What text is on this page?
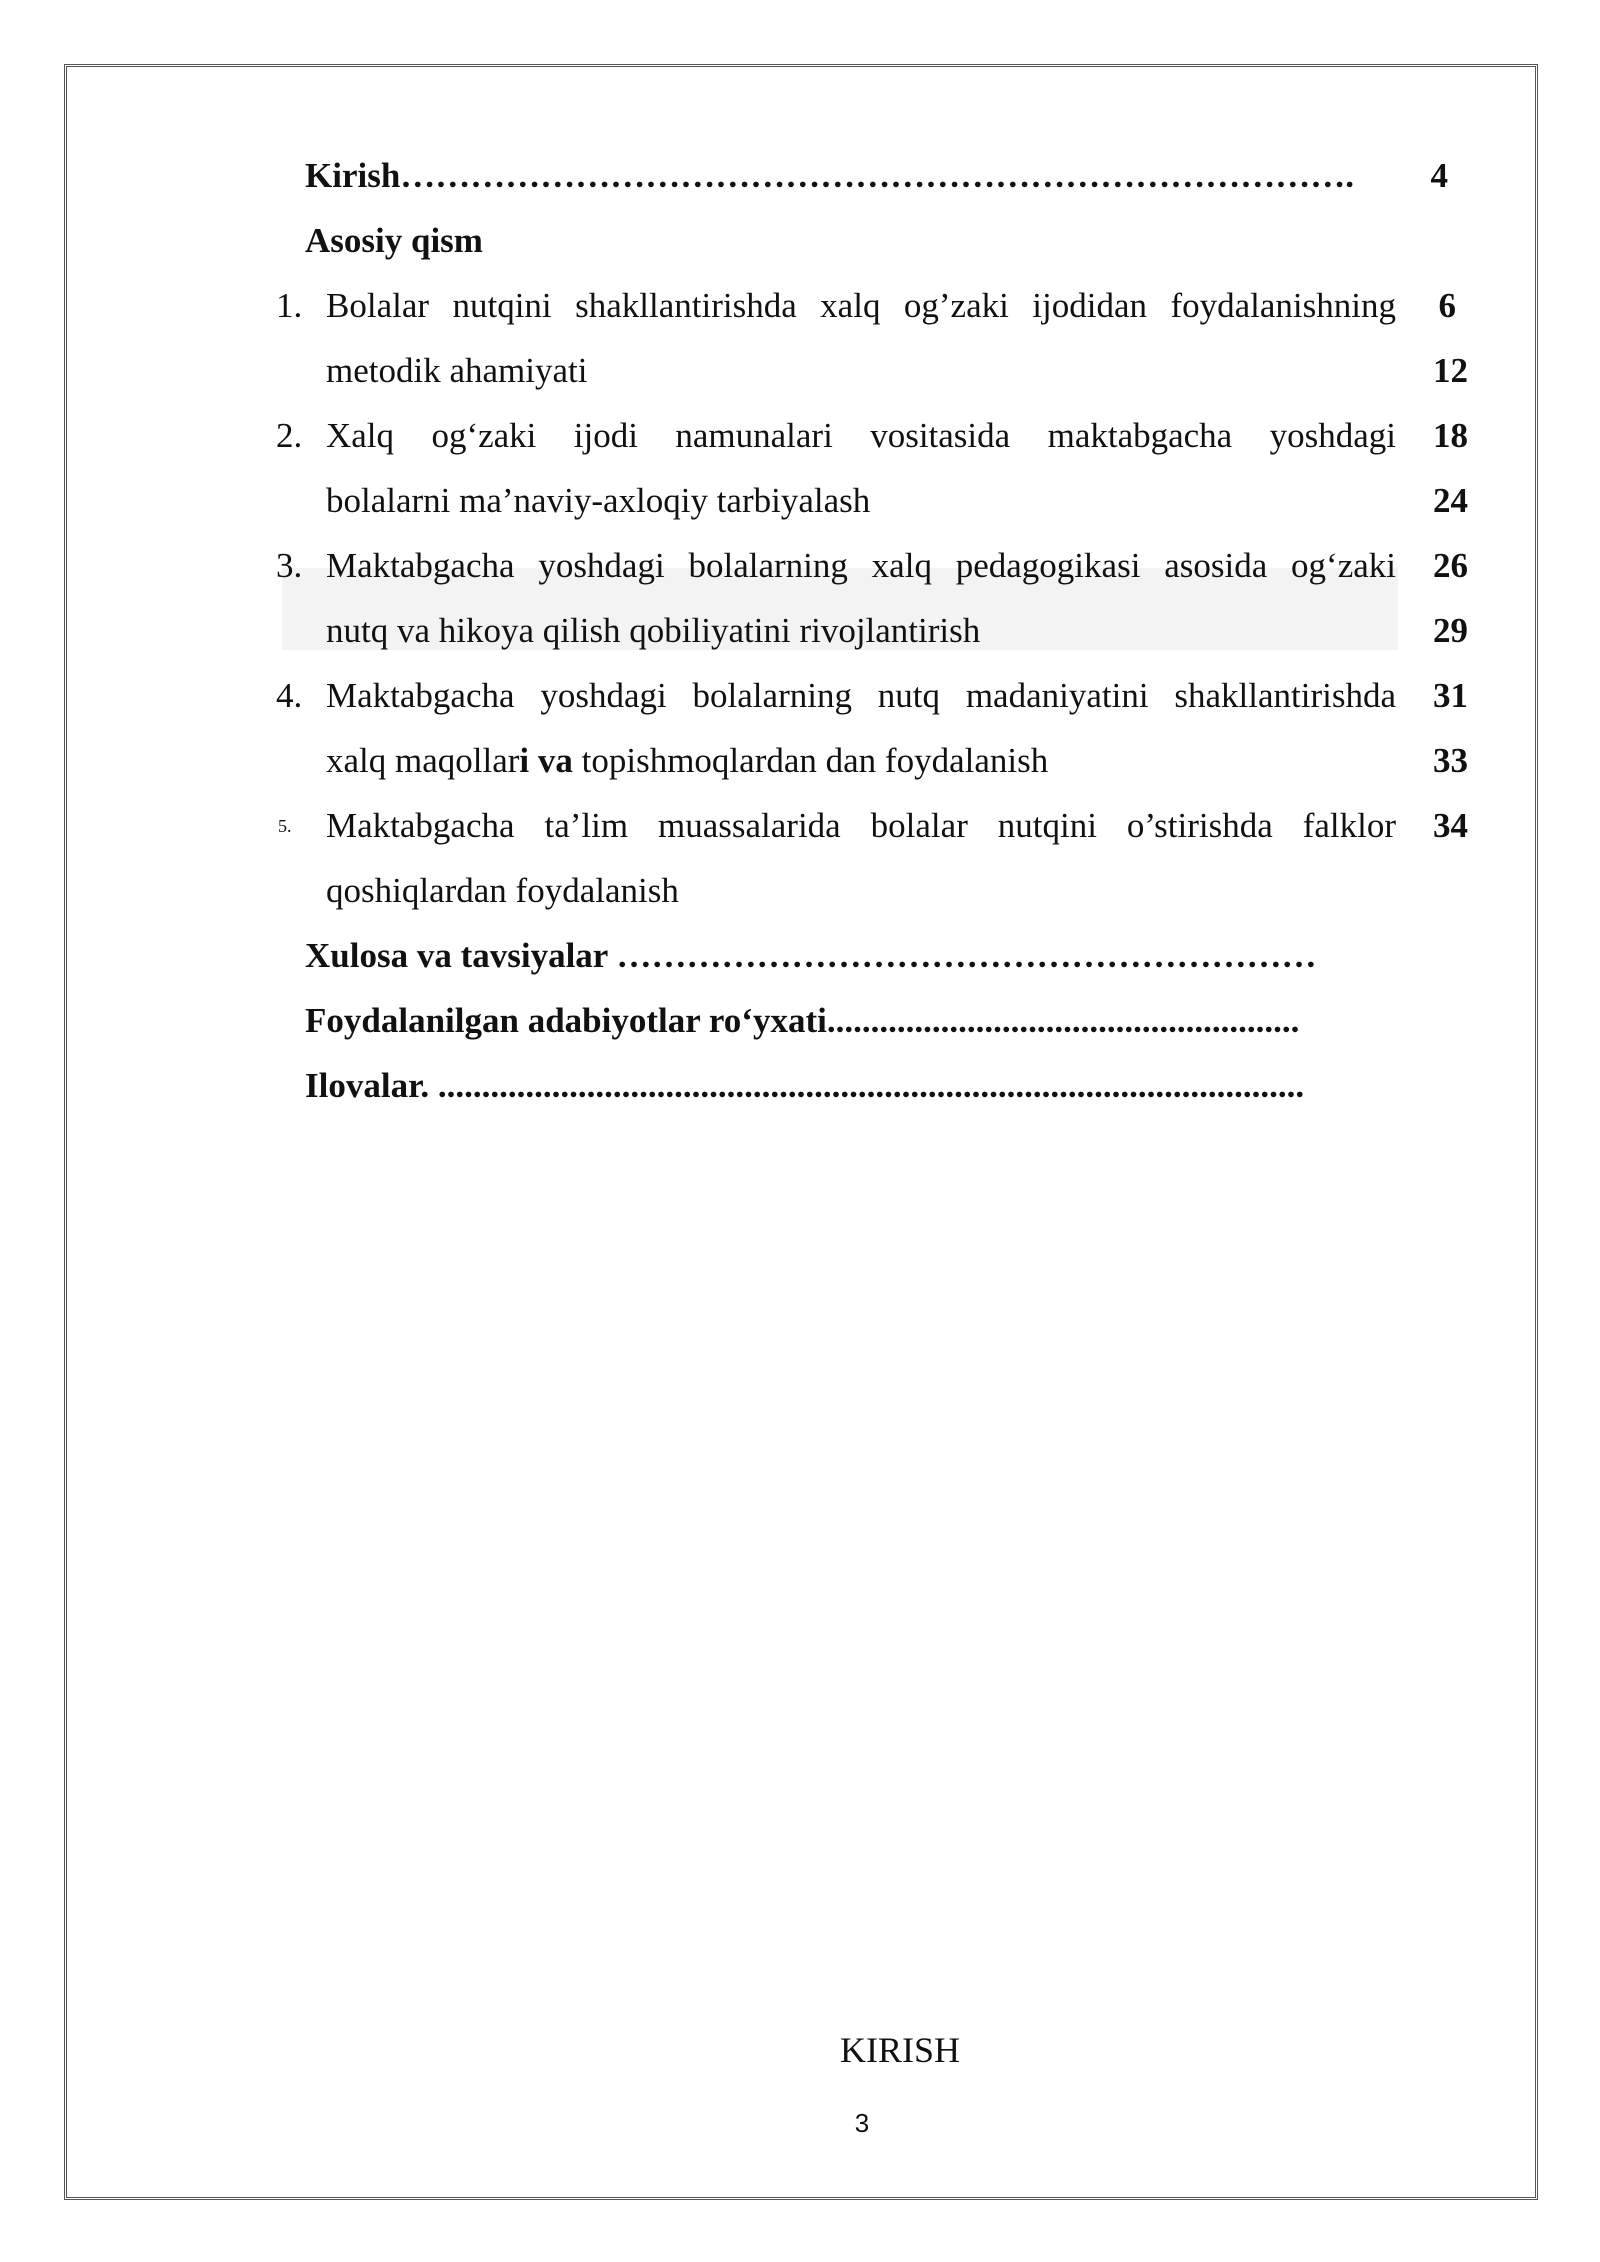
Kirish……………………………………………………………………….	4
Asosiy qism
1. Bolalar nutqini shakllantirishda xalq og’zaki ijodidan foydalanishning	6
metodik ahamiyati	12
2. Xalq og‘zaki ijodi namunalari vositasida maktabgacha yoshdagi	18
bolalarni ma’naviy-axloqiy tarbiyalash	24
3. Maktabgacha yoshdagi bolalarning xalq pedagogikasi asosida og‘zaki	26
nutq va hikoya qilish qobiliyatini rivojlantirish	29
4. Maktabgacha yoshdagi bolalarning nutq madaniyatini shakllantirishda	31
xalq maqollari va topishmoqlardan dan foydalanish	33
5. Maktabgacha ta’lim muassalarida bolalar nutqini o’stirishda falklor	34
qoshiqlardan foydalanish
Xulosa va tavsiyalar ……………………………………………………
Foydalanilgan adabiyotlar ro‘yxati......................................................
Ilovalar. ...................................................................................................
KIRISH
3
